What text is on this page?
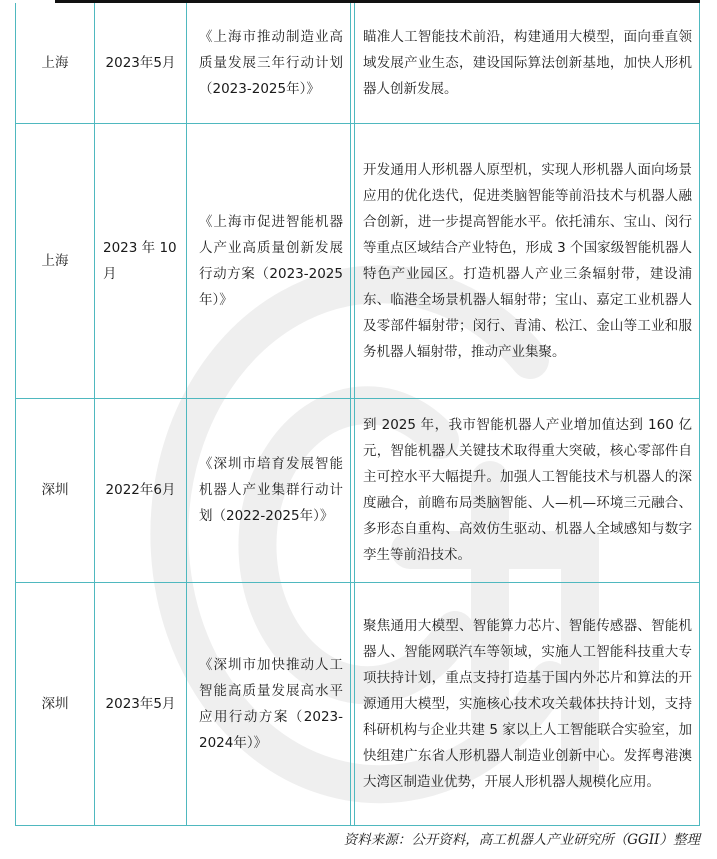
上海	2023年5月	《上海市推动制造业高质量发展三年行动计划（2023-2025年）》		瞄准人工智能技术前沿，构建通用大模型，面向垂直领域发展产业生态，建设国际算法创新基地，加快人形机器人创新发展。

上海	2023 年 10 月	《上海市促进智能机器人产业高质量创新发展行动方案（2023-2025年）》		开发通用人形机器人原型机，实现人形机器人面向场景应用的优化迭代，促进类脑智能等前沿技术与机器人融合创新，进一步提高智能水平。依托浦东、宝山、闵行等重点区域结合产业特色，形成 3 个国家级智能机器人特色产业园区。打造机器人产业三条辐射带，建设浦东、临港全场景机器人辐射带；宝山、嘉定工业机器人及零部件辐射带；闵行、青浦、松江、金山等工业和服务机器人辐射带，推动产业集聚。

深圳	2022年6月	《深圳市培育发展智能机器人产业集群行动计划（2022-2025年）》		到 2025 年，我市智能机器人产业增加值达到 160 亿元，智能机器人关键技术取得重大突破，核心零部件自主可控水平大幅提升。加强人工智能技术与机器人的深度融合，前瞻布局类脑智能、人—机—环境三元融合、多形态自重构、高效仿生驱动、机器人全域感知与数字孪生等前沿技术。

深圳	2023年5月	《深圳市加快推动人工智能高质量发展高水平应用行动方案（2023-2024年）》		聚焦通用大模型、智能算力芯片、智能传感器、智能机器人、智能网联汽车等领域，实施人工智能科技重大专项扶持计划，重点支持打造基于国内外芯片和算法的开源通用大模型，实施核心技术攻关载体扶持计划，支持科研机构与企业共建 5 家以上人工智能联合实验室，加快组建广东省人形机器人制造业创新中心。发挥粤港澳大湾区制造业优势，开展人形机器人规模化应用。
资料来源：公开资料，高工机器人产业研究所（GGII）整理
